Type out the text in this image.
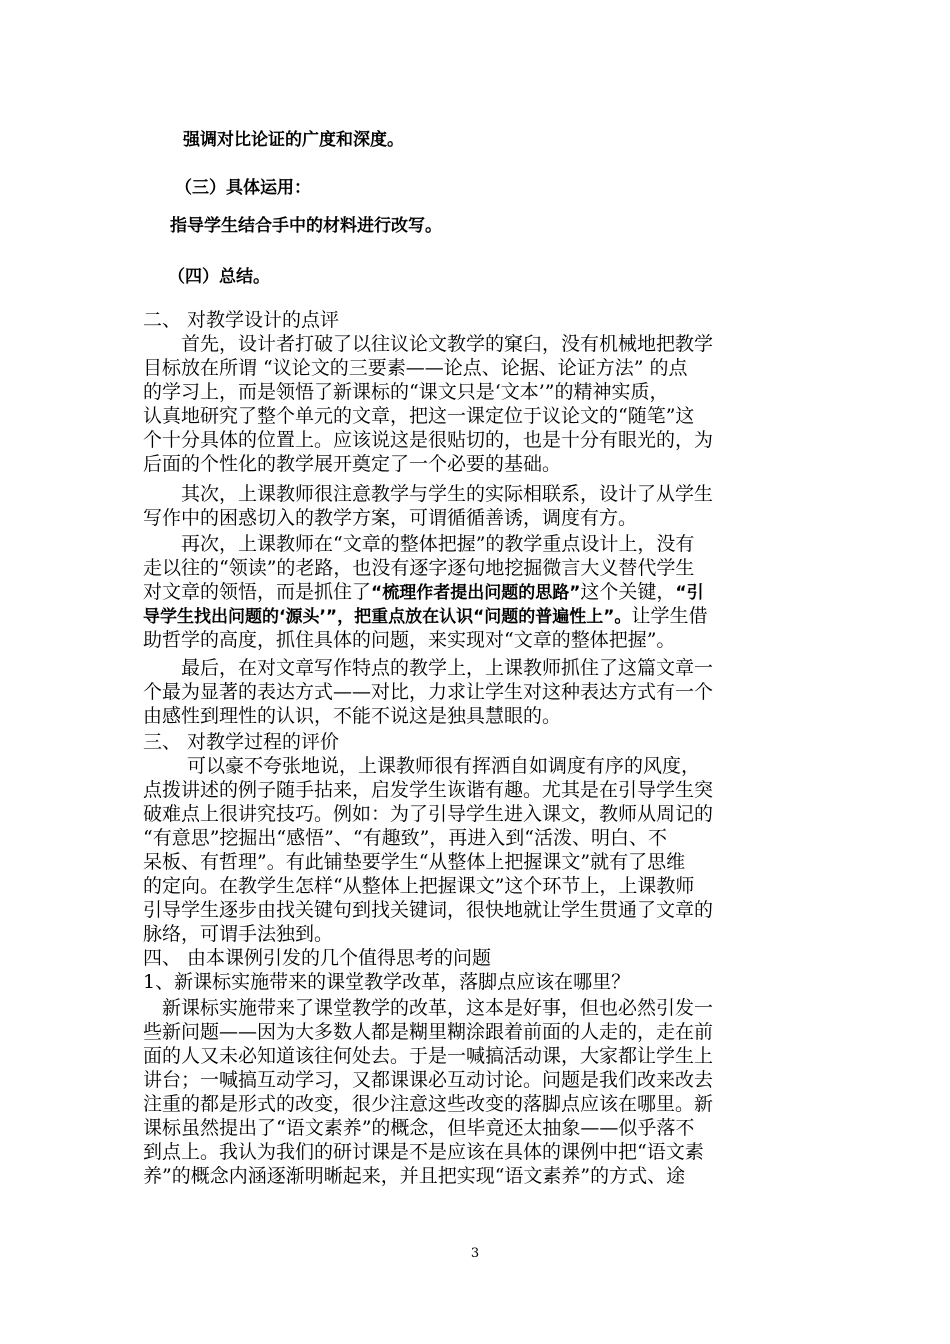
强调对比论证的广度和深度。
（三）具体运用：
指导学生结合手中的材料进行改写。
（四）总结。
二、 对教学设计的点评
　　首先，设计者打破了以往议论文教学的窠臼，没有机械地把教学
目标放在所谓 “议论文的三要素——论点、论据、论证方法” 的点
的学习上，而是领悟了新课标的“课文只是‘文本’”的精神实质，
认真地研究了整个单元的文章，把这一课定位于议论文的“随笔”这
个十分具体的位置上。应该说这是很贴切的，也是十分有眼光的，为
后面的个性化的教学展开奠定了一个必要的基础。
　　其次，上课教师很注意教学与学生的实际相联系，设计了从学生
写作中的困惑切入的教学方案，可谓循循善诱，调度有方。
　　再次，上课教师在“文章的整体把握”的教学重点设计上，没有
走以往的“领读”的老路，也没有逐字逐句地挖掘微言大义替代学生
对文章的领悟，而是抓住了“梳理作者提出问题的思路”这个关键，“引
导学生找出问题的‘源头’”，把重点放在认识“问题的普遍性上”。让学生借
助哲学的高度，抓住具体的问题，来实现对“文章的整体把握”。
　　最后，在对文章写作特点的教学上，上课教师抓住了这篇文章一
个最为显著的表达方式——对比，力求让学生对这种表达方式有一个
由感性到理性的认识，不能不说这是独具慧眼的。
三、 对教学过程的评价
　　 可以豪不夸张地说，上课教师很有挥洒自如调度有序的风度，
点拨讲述的例子随手拈来，启发学生诙谐有趣。尤其是在引导学生突
破难点上很讲究技巧。例如：为了引导学生进入课文，教师从周记的
“有意思”挖掘出“感悟”、“有趣致”，再进入到“活泼、明白、不
呆板、有哲理”。有此铺垫要学生“从整体上把握课文”就有了思维
的定向。在教学生怎样“从整体上把握课文”这个环节上，上课教师
引导学生逐步由找关键句到找关键词，很快地就让学生贯通了文章的
脉络，可谓手法独到。
四、 由本课例引发的几个值得思考的问题
1、新课标实施带来的课堂教学改革，落脚点应该在哪里？
　新课标实施带来了课堂教学的改革，这本是好事，但也必然引发一
些新问题——因为大多数人都是糊里糊涂跟着前面的人走的，走在前
面的人又未必知道该往何处去。于是一喊搞活动课，大家都让学生上
讲台；一喊搞互动学习，又都课课必互动讨论。问题是我们改来改去
注重的都是形式的改变，很少注意这些改变的落脚点应该在哪里。新
课标虽然提出了“语文素养”的概念，但毕竟还太抽象——似乎落不
到点上。我认为我们的研讨课是不是应该在具体的课例中把“语文素
养”的概念内涵逐渐明晰起来，并且把实现“语文素养”的方式、途
3
